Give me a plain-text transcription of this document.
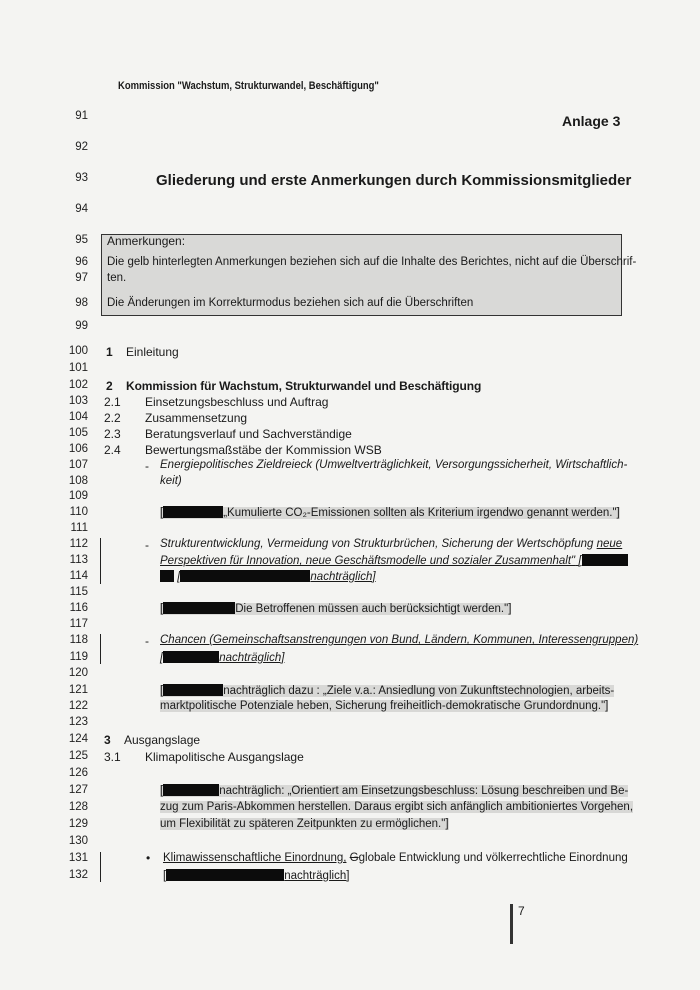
Kommission "Wachstum, Strukturwandel, Beschäftigung"
Anlage 3
Gliederung und erste Anmerkungen durch Kommissionsmitglieder
91
92
93
94
95
96
97
98
99
100
101
102
103
104
105
106
107
108
109
110
111
112
113
114
115
116
117
118
119
120
121
122
123
124
125
126
127
128
129
130
131
132
Anmerkungen:
Die gelb hinterlegten Anmerkungen beziehen sich auf die Inhalte des Berichtes, nicht auf die Überschrif-
ten.
Die Änderungen im Korrekturmodus beziehen sich auf die Überschriften
1 Einleitung
2 Kommission für Wachstum, Strukturwandel und Beschäftigung
2.1 Einsetzungsbeschluss und Auftrag
2.2 Zusammensetzung
2.3 Beratungsverlauf und Sachverständige
2.4 Bewertungsmaßstäbe der Kommission WSB
- Energiepolitisches Zieldreieck (Umweltverträglichkeit, Versorgungssicherheit, Wirtschaftlich-
keit)
[	„Kumulierte CO₂-Emissionen sollten als Kriterium irgendwo genannt werden."]
- Strukturentwicklung, Vermeidung von Strukturbrüchen, Sicherung der Wertschöpfung neue
Perspektiven für Innovation, neue Geschäftsmodelle und sozialer Zusammenhalt" [
[	nachträglich]
[	Die Betroffenen müssen auch berücksichtigt werden."]
- Chancen (Gemeinschaftsanstrengungen von Bund, Ländern, Kommunen, Interessengruppen)
[	nachträglich]
[	nachträglich dazu : „Ziele v.a.: Ansiedlung von Zukunftstechnologien, arbeits-
marktpolitische Potenziale heben, Sicherung freiheitlich-demokratische Grundordnung."]
3 Ausgangslage
3.1 Klimapolitische Ausgangslage
[	nachträglich: „Orientiert am Einsetzungsbeschluss: Lösung beschreiben und Be-
zug zum Paris-Abkommen herstellen. Daraus ergibt sich anfänglich ambitioniertes Vorgehen,
um Flexibilität zu späteren Zeitpunkten zu ermöglichen."]
• Klimawissenschaftliche Einordnung, Gglobale Entwicklung und völkerrechtliche Einordnung
[	nachträglich]
7
